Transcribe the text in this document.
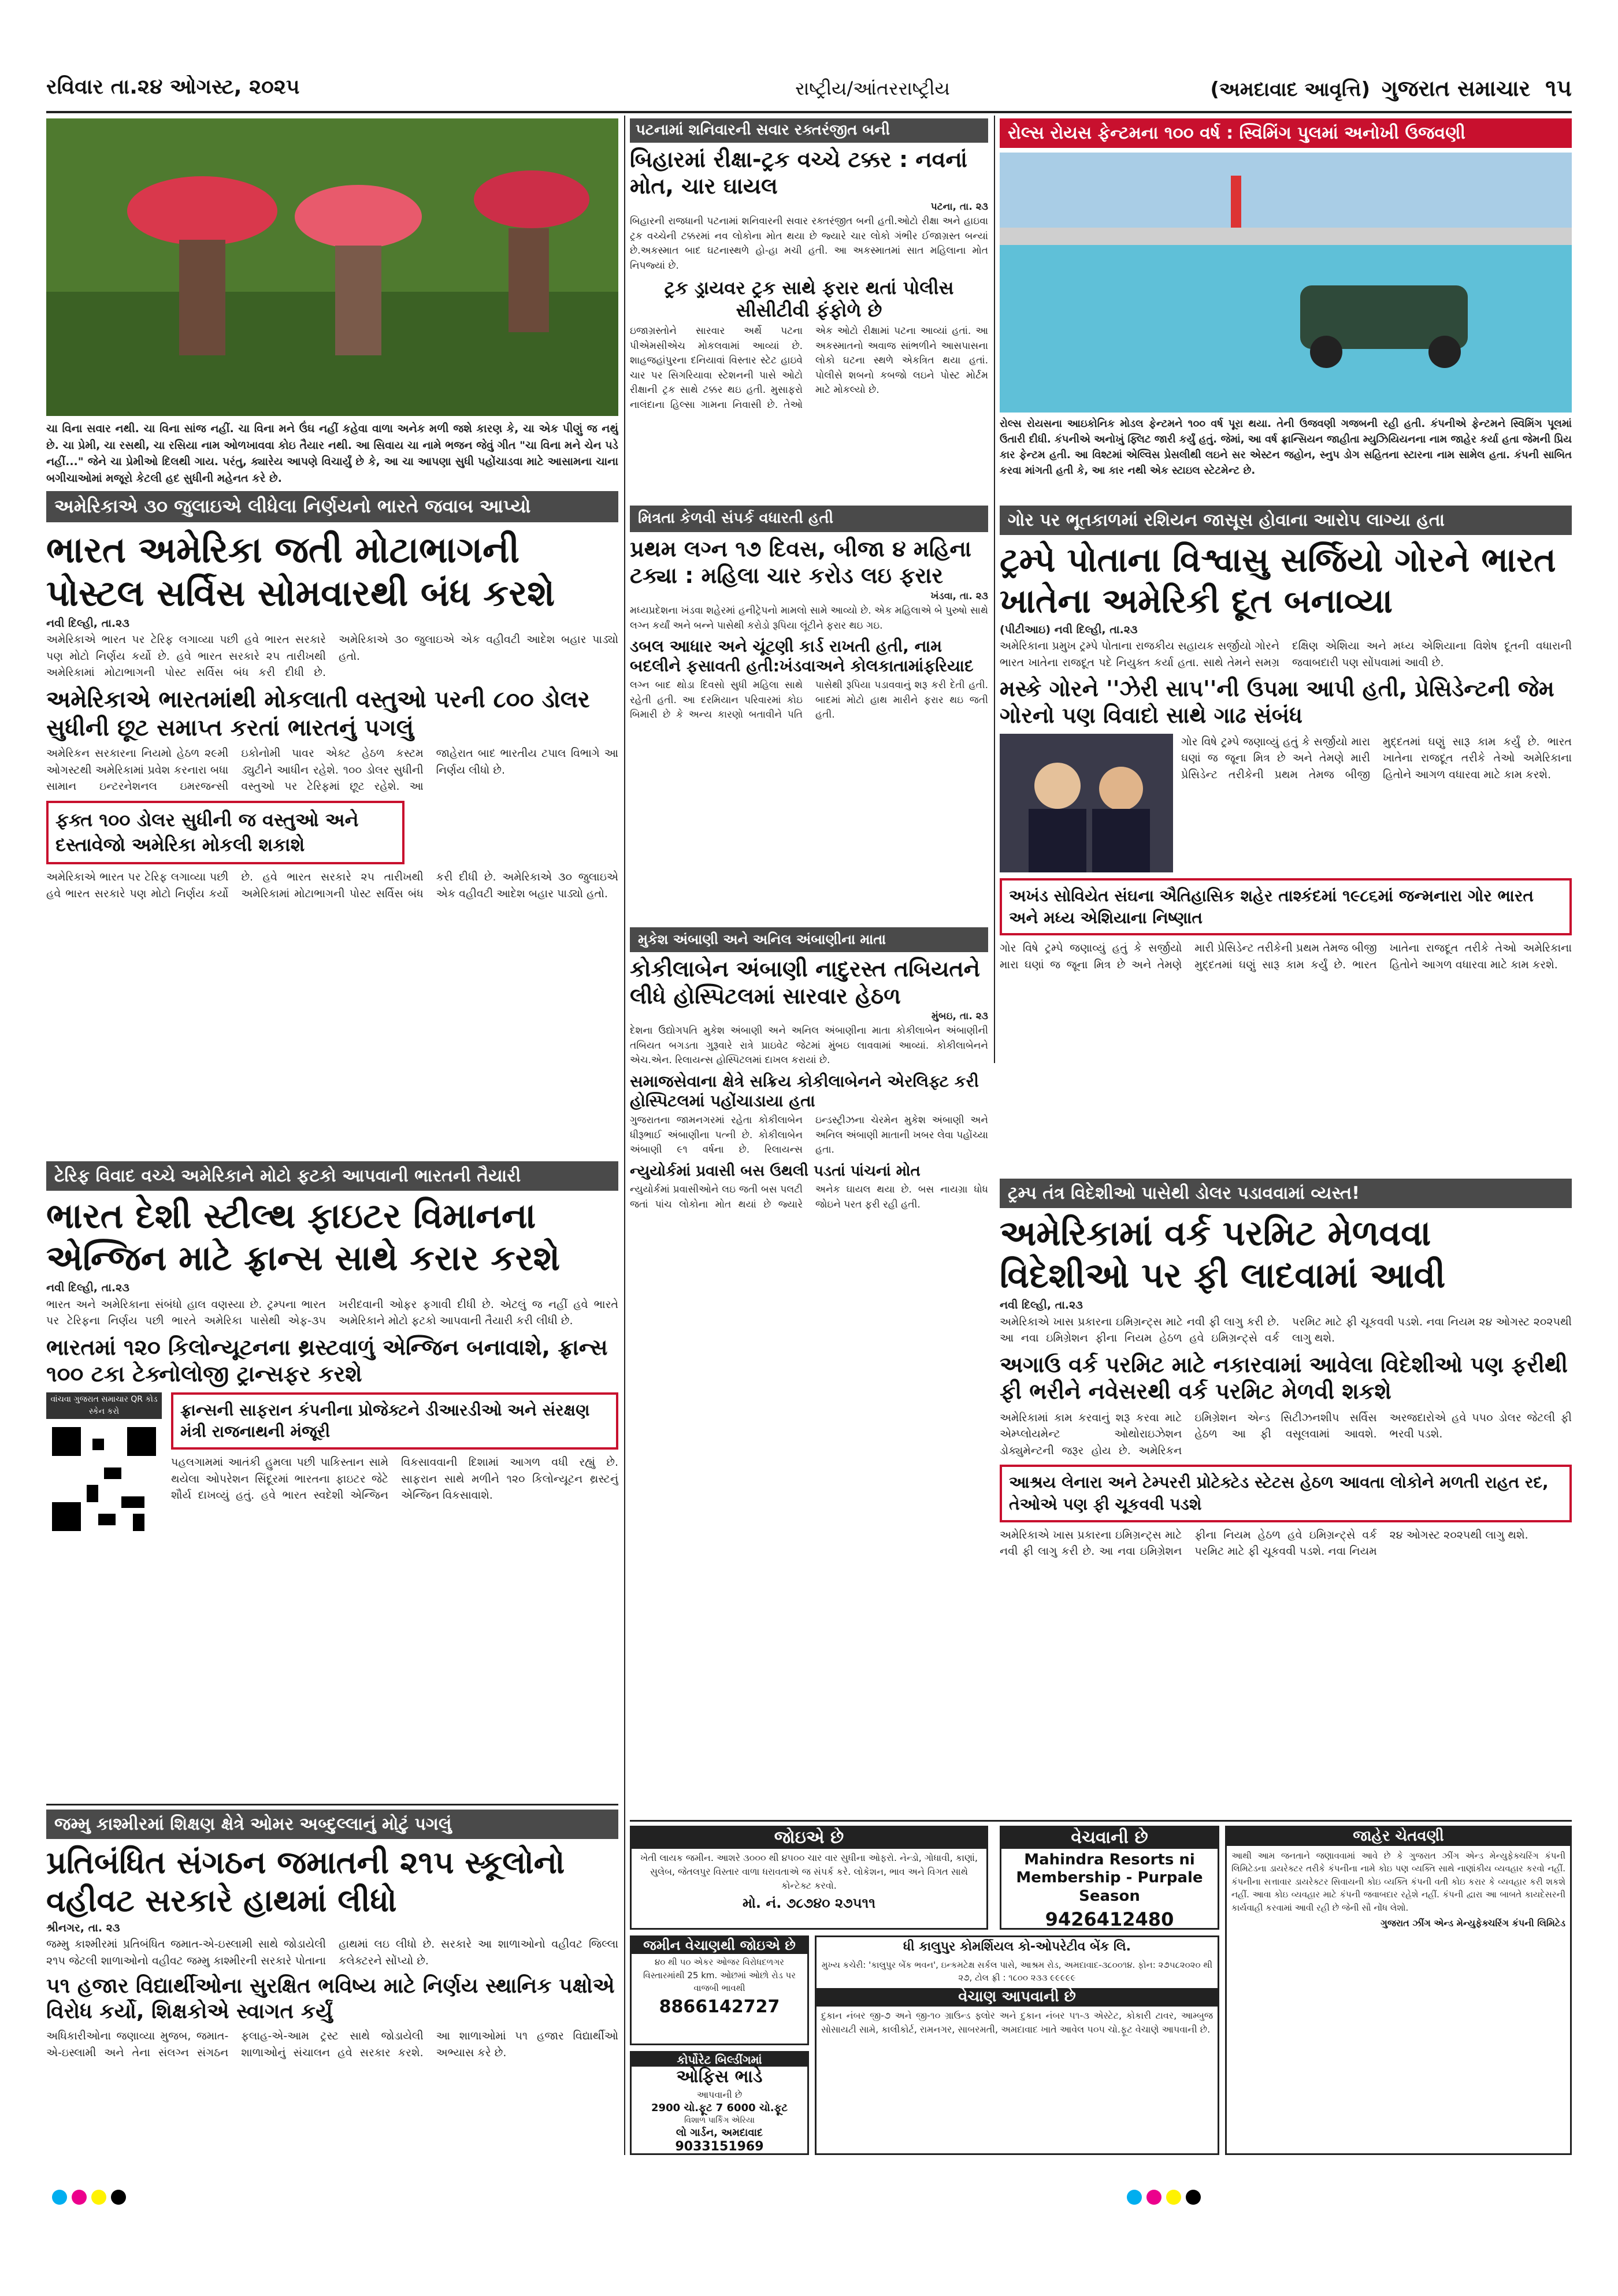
રવિવાર તા.૨૪ ઓગસ્ટ, ૨૦૨૫	રાષ્ટ્રીય/આંતરરાષ્ટ્રીય	(અમદાવાદ આવૃત્તિ) ગુજરાત સમાચાર ૧૫
ચા વિના સવાર નથી. ચા વિના સાંજ નહીં. ચા વિના મને ઉંઘ નહીં કહેવા વાળા અનેક મળી જશે કારણ કે, ચા એક પીણું જ નથું છે. ચા પ્રેમી, ચા રસથી, ચા રસિયા નામ ઓળખાવવા કોઇ તૈયાર નથી. આ સિવાય ચા નામે ભજન જેવું ગીત "ચા વિના મને ચેન પડે નહીં..." જેને ચા પ્રેમીઓ દિલથી ગાય. પરંતુ, ક્યારેય આપણે વિચાર્યું છે કે, આ ચા આપણા સુધી પહોંચાડવા માટે આસામના ચાના બગીચાઓમાં મજૂરો કેટલી હદ સુધીની મહેનત કરે છે.
પટનામાં શનિવારની સવાર રક્તરંજીત બની
બિહારમાં રીક્ષા-ટ્રક વચ્ચે ટક્કર : નવનાં મોત, ચાર ઘાયલ
પટના, તા. ૨૩
બિહારની રાજધાની પટનામાં શનિવારની સવાર રક્તરંજીત બની હતી.ઓટો રીક્ષા અને હાઇવા ટ્રક વચ્ચેની ટક્કરમાં નવ લોકોના મોત થયા છે જ્યારે ચાર લોકો ગંભીર ઈજાગ્રસ્ત બન્યાં છે.અકસ્માત બાદ ઘટનાસ્થળે હો-હા મચી હતી. આ અકસ્માતમાં સાત મહિલાના મોત નિપજ્યાં છે.
ટ્રક ડ્રાયવર ટ્રક સાથે ફરાર થતાં પોલીસ સીસીટીવી ફંફોળે છે
ઇજાગ્રસ્તોને સારવાર અર્થે પટના પીએમસીએચ મોકલવામાં આવ્યાં છે. શાહજહાંપુરના દનિયાવાં વિસ્તાર સ્ટેટ હાઇવે ચાર પર સિગરિયાવા સ્ટેશનની પાસે ઓટો રીક્ષાની ટ્રક સાથે ટક્કર થઇ હતી. મુસાફરો નાલંદાના હિલ્સા ગામના નિવાસી છે. તેઓ એક ઓટો રીક્ષામાં પટના આવ્યાં હતાં. આ અકસ્માતનો અવાજ સાંભળીને આસપાસના લોકો ઘટના સ્થળે એકત્રિત થયા હતાં. પોલીસે શબનો કબજો લઇને પોસ્ટ મોર્ટમ માટે મોકલ્યો છે.
રોલ્સ રોયસ ફેન્ટમના ૧૦૦ વર્ષ : સ્વિમિંગ પુલમાં અનોખી ઉજવણી
રોલ્સ રોયસના આઇકોનિક મોડલ ફેન્ટમને ૧૦૦ વર્ષ પૂરા થયા. તેની ઉજવણી ગજબની રહી હતી. કંપનીએ ફેન્ટમને સ્વિમિંગ પૂલમાં ઉતારી દીધી. કંપનીએ અનોખું ફ્લિટ જારી કર્યું હતું. જેમાં, આ વર્ષ ફ્રાન્સિયન જાહીતા મ્યુઝિયિયનના નામ જાહેર કર્યા હતા જેમની પ્રિય કાર ફેન્ટમ હતી. આ વિશ્ટમાં એલ્વિસ પ્રેસલીથી લઇને સર એસ્ટન જહોન, સ્નુપ ડોગ સહિતના સ્ટારના નામ સામેલ હતા. કંપની સાબિત કરવા માંગતી હતી કે, આ કાર નથી એક સ્ટાઇલ સ્ટેટમેન્ટ છે.
અમેરિકાએ ૩૦ જુલાઇએ લીધેલા નિર્ણયનો ભારતે જવાબ આપ્યો
ભારત અમેરિકા જતી મોટાભાગની પોસ્ટલ સર્વિસ સોમવારથી બંધ કરશે
નવી દિલ્હી, તા.૨૩
અમેરિકાએ ભારત પર ટેરિફ લગાવ્યા પછી હવે ભારત સરકારે પણ મોટો નિર્ણય કર્યો છે. હવે ભારત સરકારે ૨૫ તારીખથી અમેરિકામાં મોટાભાગની પોસ્ટ સર્વિસ બંધ કરી દીધી છે. અમેરિકાએ ૩૦ જુલાઇએ એક વહીવટી આદેશ બહાર પાડ્યો હતો.
અમેરિકાએ ભારતમાંથી મોકલાતી વસ્તુઓ પરની ૮૦૦ ડોલર સુધીની છૂટ સમાપ્ત કરતાં ભારતનું પગલું
અમેરિકન સરકારના નિયમો હેઠળ ૨૯મી ઓગસ્ટથી અમેરિકામાં પ્રવેશ કરનારા બધા સામાન ઇન્ટરનેશનલ ઇમરજન્સી ઇકોનોમી પાવર એક્ટ હેઠળ કસ્ટમ ડ્યુટીને આધીન રહેશે. ૧૦૦ ડોલર સુધીની વસ્તુઓ પર ટેરિફમાં છૂટ રહેશે. આ જાહેરાત બાદ ભારતીય ટપાલ વિભાગે આ નિર્ણય લીધો છે.
ફક્ત ૧૦૦ ડોલર સુધીની જ વસ્તુઓ અને દસ્તાવેજો અમેરિકા મોકલી શકાશે
અમેરિકાએ ભારત પર ટેરિફ લગાવ્યા પછી હવે ભારત સરકારે પણ મોટો નિર્ણય કર્યો છે. હવે ભારત સરકારે ૨૫ તારીખથી અમેરિકામાં મોટાભાગની પોસ્ટ સર્વિસ બંધ કરી દીધી છે. અમેરિકાએ ૩૦ જુલાઇએ એક વહીવટી આદેશ બહાર પાડ્યો હતો.
ટેરિફ વિવાદ વચ્ચે અમેરિકાને મોટો ફટકો આપવાની ભારતની તૈયારી
ભારત દેશી સ્ટીલ્થ ફાઇટર વિમાનના એન્જિન માટે ફ્રાન્સ સાથે કરાર કરશે
નવી દિલ્હી, તા.૨૩
ભારત અને અમેરિકાના સંબંધો હાલ વણસ્યા છે. ટ્રમ્પના ભારત પર ટેરિફના નિર્ણય પછી ભારતે અમેરિકા પાસેથી એફ-૩૫ ખરીદવાની ઓફર ફગાવી દીધી છે. એટલું જ નહીં હવે ભારતે અમેરિકાને મોટો ફટકો આપવાની તૈયારી કરી લીધી છે.
ભારતમાં ૧૨૦ કિલોન્યૂટનના થ્રસ્ટવાળું એન્જિન બનાવાશે, ફ્રાન્સ ૧૦૦ ટકા ટેક્નોલોજી ટ્રાન્સફર કરશે
વાંચવા ગુજરાત સમાચાર QR કોડ સ્કેન કરો	ફ્રાન્સની સાફરાન કંપનીના પ્રોજેક્ટને ડીઆરડીઓ અને સંરક્ષણ મંત્રી રાજનાથની મંજૂરી
પહલગામમાં આતંકી હુમલા પછી પાકિસ્તાન સામે થયેલા ઓપરેશન સિંદૂરમાં ભારતના ફાઇટર જેટે શૌર્ય દાખવ્યું હતું. હવે ભારત સ્વદેશી એન્જિન વિકસાવવાની દિશામાં આગળ વધી રહ્યું છે. સાફરાન સાથે મળીને ૧૨૦ કિલોન્યૂટન થ્રસ્ટનું એન્જિન વિકસાવાશે.
મિત્રતા કેળવી સંપર્ક વધારતી હતી
પ્રથમ લગ્ન ૧૭ દિવસ, બીજા ૪ મહિના ટક્યા : મહિલા ચાર કરોડ લઇ ફરાર
ખંડવા, તા. ૨૩
મધ્યપ્રદેશના ખંડવા શહેરમાં હનીટ્રેપનો મામલો સામે આવ્યો છે. એક મહિલાએ બે પુરુષો સાથે લગ્ન કર્યાં અને બન્ને પાસેથી કરોડો રૂપિયા લૂંટીને ફરાર થઇ ગઇ.
ડબલ આધાર અને ચૂંટણી કાર્ડ રાખતી હતી, નામ બદલીને ફસાવતી હતી:ખંડવાઅને કોલકાતામાંફરિયાદ
લગ્ન બાદ થોડા દિવસો સુધી મહિલા સાથે રહેતી હતી. આ દરમિયાન પરિવારમાં કોઇ બિમારી છે કે અન્ય કારણો બતાવીને પતિ પાસેથી રૂપિયા પડાવવાનું શરૂ કરી દેતી હતી. બાદમાં મોટો હાથ મારીને ફરાર થઇ જતી હતી.
મુકેશ અંબાણી અને અનિલ અંબાણીના માતા
કોકીલાબેન અંબાણી નાદુરસ્ત તબિયતને લીધે હોસ્પિટલમાં સારવાર હેઠળ
મુંબઇ, તા. ૨૩
દેશના ઉદ્યોગપતિ મુકેશ અંબાણી અને અનિલ અંબાણીના માતા કોકીલાબેન અંબાણીની તબિયત બગડતા ગુરૂવારે રાત્રે પ્રાઇવેટ જેટમાં મુંબઇ લાવવામાં આવ્યાં. કોકીલાબેનને એચ.એન. રિલાયન્સ હોસ્પિટલમાં દાખલ કરાયાં છે.
સમાજસેવાના ક્ષેત્રે સક્રિય કોકીલાબેનને એરલિફ્ટ કરી હોસ્પિટલમાં પહોંચાડાયા હતા
ગુજરાતના જામનગરમાં રહેતા કોકીલાબેન ધીરૂભાઈ અંબાણીના પત્ની છે. કોકીલાબેન અંબાણી ૯૧ વર્ષના છે. રિલાયન્સ ઇન્ડસ્ટ્રીઝના ચેરમેન મુકેશ અંબાણી અને અનિલ અંબાણી માતાની ખબર લેવા પહોંચ્યા હતા.
ન્યુયોર્કમાં પ્રવાસી બસ ઉથલી પડતાં પાંચનાં મોત
ન્યુયોર્કમાં પ્રવાસીઓને લઇ જતી બસ પલટી જતાં પાંચ લોકોના મોત થયાં છે જ્યારે અનેક ઘાયલ થયા છે. બસ નાયગ્રા ધોધ જોઇને પરત ફરી રહી હતી.
ગોર પર ભૂતકાળમાં રશિયન જાસૂસ હોવાના આરોપ લાગ્યા હતા
ટ્રમ્પે પોતાના વિશ્વાસુ સર્જિયો ગોરને ભારત ખાતેના અમેરિકી દૂત બનાવ્યા
(પીટીઆઇ) નવી દિલ્હી, તા.૨૩
અમેરિકાના પ્રમુખ ટ્રમ્પે પોતાના રાજકીય સહાયક સર્જીયો ગોરને ભારત ખાતેના રાજદૂત પદે નિયુક્ત કર્યા હતા. સાથે તેમને સમગ્ર દક્ષિણ એશિયા અને મધ્ય એશિયાના વિશેષ દૂતની વધારાની જવાબદારી પણ સોંપવામાં આવી છે.
મસ્કે ગોરને ''ઝેરી સાપ''ની ઉપમા આપી હતી, પ્રેસિડેન્ટની જેમ ગોરનો પણ વિવાદો સાથે ગાઢ સંબંધ
ગોર વિષે ટ્રમ્પે જણાવ્યું હતું કે સર્જીયો મારા ઘણાં જ જૂના મિત્ર છે અને તેમણે મારી પ્રેસિડેન્ટ તરીકેની પ્રથમ તેમજ બીજી મુદ્દતમાં ઘણું સારૂ કામ કર્યું છે. ભારત ખાતેના રાજદૂત તરીકે તેઓ અમેરિકાના હિતોને આગળ વધારવા માટે કામ કરશે.
અખંડ સોવિયેત સંઘના ઐતિહાસિક શહેર તાશ્કંદમાં ૧૯૮૬માં જન્મનારા ગોર ભારત અને મધ્ય એશિયાના નિષ્ણાત
ગોર વિષે ટ્રમ્પે જણાવ્યું હતું કે સર્જીયો મારા ઘણાં જ જૂના મિત્ર છે અને તેમણે મારી પ્રેસિડેન્ટ તરીકેની પ્રથમ તેમજ બીજી મુદ્દતમાં ઘણું સારૂ કામ કર્યું છે. ભારત ખાતેના રાજદૂત તરીકે તેઓ અમેરિકાના હિતોને આગળ વધારવા માટે કામ કરશે.
ટ્રમ્પ તંત્ર વિદેશીઓ પાસેથી ડોલર પડાવવામાં વ્યસ્ત!
અમેરિકામાં વર્ક પરમિટ મેળવવા વિદેશીઓ પર ફી લાદવામાં આવી
નવી દિલ્હી, તા.૨૩
અમેરિકાએ ખાસ પ્રકારના ઇમિગ્રન્ટ્સ માટે નવી ફી લાગુ કરી છે. આ નવા ઇમિગ્રેશન ફીના નિયમ હેઠળ હવે ઇમિગ્રન્ટ્સે વર્ક પરમિટ માટે ફી ચૂકવવી પડશે. નવા નિયમ ૨૪ ઓગસ્ટ ૨૦૨૫થી લાગુ થશે.
અગાઉ વર્ક પરમિટ માટે નકારવામાં આવેલા વિદેશીઓ પણ ફરીથી ફી ભરીને નવેસરથી વર્ક પરમિટ મેળવી શકશે
અમેરિકામાં કામ કરવાનું શરૂ કરવા માટે એમ્પ્લોયમેન્ટ ઓથોરાઇઝેશન ડોક્યુમેન્ટની જરૂર હોય છે. અમેરિકન ઇમિગ્રેશન એન્ડ સિટીઝનશીપ સર્વિસ હેઠળ આ ફી વસૂલવામાં આવશે. અરજદારોએ હવે ૫૫૦ ડોલર જેટલી ફી ભરવી પડશે.
આશ્રય લેનારા અને ટેમ્પરરી પ્રોટેક્ટેડ સ્ટેટસ હેઠળ આવતા લોકોને મળતી રાહત રદ, તેઓએ પણ ફી ચૂકવવી પડશે
અમેરિકાએ ખાસ પ્રકારના ઇમિગ્રન્ટ્સ માટે નવી ફી લાગુ કરી છે. આ નવા ઇમિગ્રેશન ફીના નિયમ હેઠળ હવે ઇમિગ્રન્ટ્સે વર્ક પરમિટ માટે ફી ચૂકવવી પડશે. નવા નિયમ ૨૪ ઓગસ્ટ ૨૦૨૫થી લાગુ થશે.
જમ્મુ કાશ્મીરમાં શિક્ષણ ક્ષેત્રે ઓમર અબ્દુલ્લાનું મોટું પગલું
પ્રતિબંધિત સંગઠન જમાતની ૨૧૫ સ્કૂલોનો વહીવટ સરકારે હાથમાં લીધો
શ્રીનગર, તા. ૨૩
જમ્મુ કાશ્મીરમાં પ્રતિબંધિત જમાત-એ-ઇસ્લામી સાથે જોડાયેલી ૨૧૫ જેટલી શાળાઓનો વહીવટ જમ્મુ કાશ્મીરની સરકારે પોતાના હાથમાં લઇ લીધો છે. સરકારે આ શાળાઓનો વહીવટ જિલ્લા કલેક્ટરને સોંપ્યો છે.
૫૧ હજાર વિદ્યાર્થીઓના સુરક્ષિત ભવિષ્ય માટે નિર્ણય સ્થાનિક પક્ષોએ વિરોધ કર્યો, શિક્ષકોએ સ્વાગત કર્યું
અધિકારીઓના જણાવ્યા મુજબ, જમાત-એ-ઇસ્લામી અને તેના સંલગ્ન સંગઠન ફલાહ-એ-આમ ટ્રસ્ટ સાથે જોડાયેલી શાળાઓનું સંચાલન હવે સરકાર કરશે. આ શાળાઓમાં ૫૧ હજાર વિદ્યાર્થીઓ અભ્યાસ કરે છે.
જોઇએ છે
ખેતી લાયક જમીન. આશરે ૩૦૦૦ થી ૪૫૦૦ ચાર વાર સુધીના ઓફરો. નેન્ડો, ગોધાવી, કાણાં, સુલેબ, જેતલપુર વિસ્તાર વાળા ધરાવતાએ જ સંપર્ક કરે. લોકેશન, ભાવ અને વિગત સાથે કોન્ટેક્ટ કરવો.
મો. નં. ૭૮૭૪૦ ૨૭૫૧૧
વેચવાની છે
Mahindra Resorts ni Membership - Purpale Season
9426412480
જમીન વેચાણથી જોઇએ છે
૪૦ થી ૫૦ એકર ઓજર વિરોધદળગર વિસ્તારમાંથી 25 km. ઓછમાં ઓછો રોડ પર વાજબી ભાવથી
8866142727
કોર્પોરેટ બિલ્ડીંગમાં
ઓફિસ ભાડે
આપવાની છે
2900 ચો.ફૂટ 7 6000 ચો.ફૂટ
વિશાળ પાર્કિંગ એરિયા
લો ગાર્ડન, અમદાવાદ
9033151969
ધી કાલુપુર કોમર્શિયલ કો-ઓપરેટીવ બેંક લિ.
મુખ્ય કચેરી: 'કાલુપુર બેંક ભવન', ઇન્કમટેક્ષ સર્કલ પાસે, આશ્રમ રોડ, અમદાવાદ-૩૮૦૦૧૪. ફોન: ૨૭૫૮૨૦૨૦ થી ૨૭, ટોલ ફ્રી : ૧૮૦૦ ૨૩૩ ૯૯૯૯૯
વેચાણ આપવાની છે
દુકાન નંબર જી-૭ અને જી-૧૦ ગ્રાઉન્ડ ફ્લોર અને દુકાન નંબર ૫૧-૩ એસ્ટેટ, કોકારી ટાવર, આમ્બુજ સોસાયટી સામે, કાલીકોર્ટ, રામનગર, સાબરમતી, અમદાવાદ ખાતે આવેલ ૫૦૫ ચો.ફૂટ વેચાણે આપવાની છે.
જાહેર ચેતવણી
આથી આમ જનતાને જણાવવામાં આવે છે કે ગુજરાત ઝીંગ એન્ડ મેન્યુફેક્ચરિંગ કંપની લિમિટેડના ડાયરેક્ટર તરીકે કંપનીના નામે કોઇ પણ વ્યક્તિ સાથે નાણાંકીય વ્યવહાર કરવો નહીં. કંપનીના સત્તાવાર ડાયરેક્ટર સિવાયની કોઇ વ્યક્તિ કંપની વતી કોઇ કરાર કે વ્યવહાર કરી શકશે નહીં. આવા કોઇ વ્યવહાર માટે કંપની જવાબદાર રહેશે નહીં. કંપની દ્વારા આ બાબતે કાયદેસરની કાર્યવાહી કરવામાં આવી રહી છે જેની સૌ નોંધ લેશો.
ગુજરાત ઝીંગ એન્ડ મેન્યુફેક્ચરિંગ કંપની લિમિટેડ
